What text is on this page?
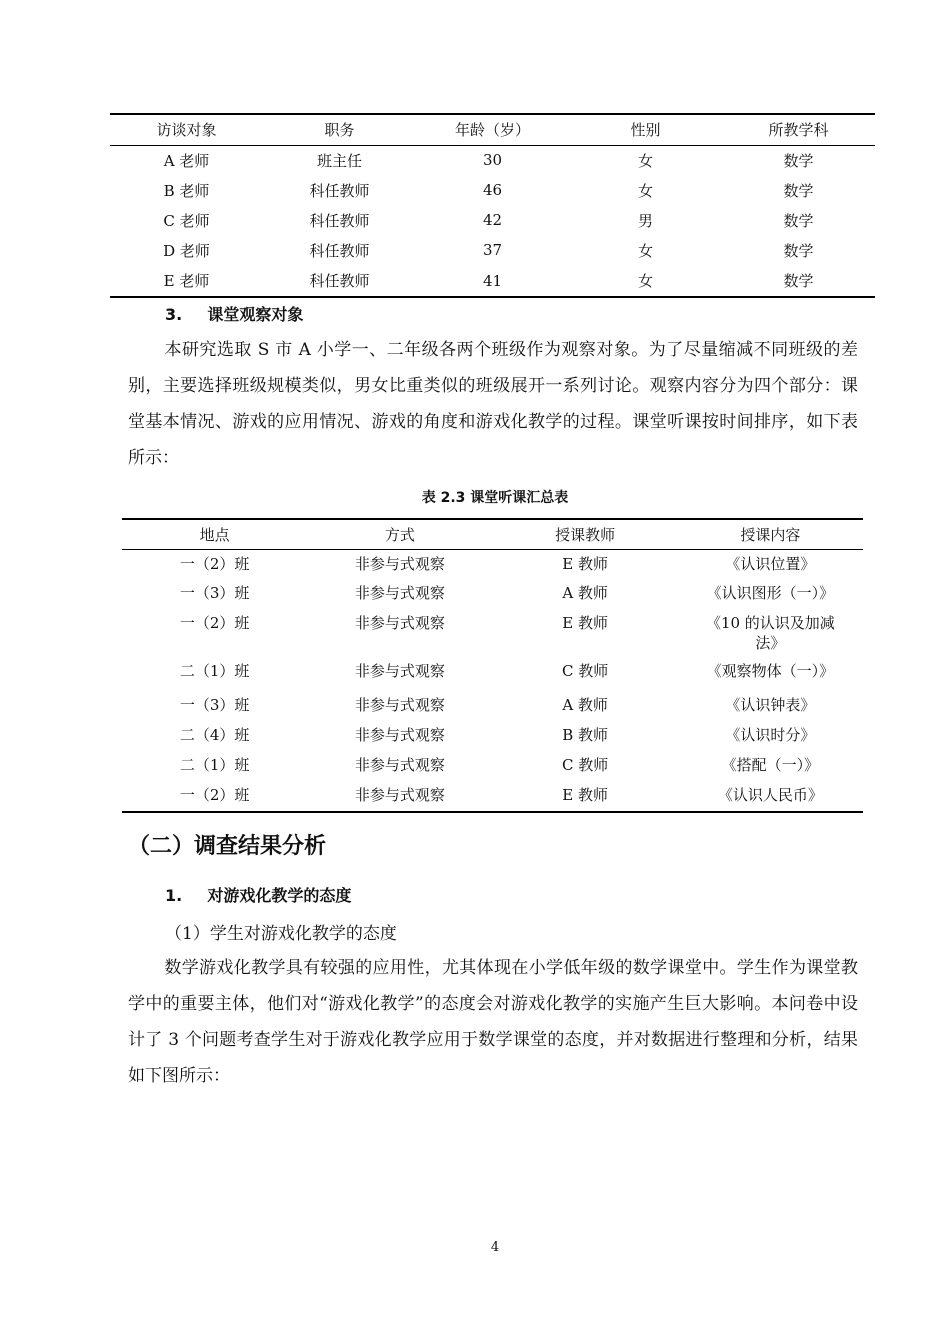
访谈对象	职务	年龄（岁）	性别	所教学科
A 老师	班主任	30	女	数学
B 老师	科任教师	46	女	数学
C 老师	科任教师	42	男	数学
D 老师	科任教师	37	女	数学
E 老师	科任教师	41	女	数学
3. 课堂观察对象
本研究选取 S 市 A 小学一、二年级各两个班级作为观察对象。为了尽量缩减不同班级的差别，主要选择班级规模类似，男女比重类似的班级展开一系列讨论。观察内容分为四个部分：课堂基本情况、游戏的应用情况、游戏的角度和游戏化教学的过程。课堂听课按时间排序，如下表所示：
表 2.3 课堂听课汇总表
地点	方式	授课教师	授课内容
一（2）班	非参与式观察	E 教师	《认识位置》
一（3）班	非参与式观察	A 教师	《认识图形（一）》
一（2）班	非参与式观察	E 教师	《10 的认识及加减法》

二（1）班	非参与式观察	C 教师	《观察物体（一）》
一（3）班	非参与式观察	A 教师	《认识钟表》
二（4）班	非参与式观察	B 教师	《认识时分》
二（1）班	非参与式观察	C 教师	《搭配（一）》
一（2）班	非参与式观察	E 教师	《认识人民币》
（二）调查结果分析
1. 对游戏化教学的态度
（1）学生对游戏化教学的态度
数学游戏化教学具有较强的应用性，尤其体现在小学低年级的数学课堂中。学生作为课堂教学中的重要主体，他们对“游戏化教学”的态度会对游戏化教学的实施产生巨大影响。本问卷中设计了 3 个问题考查学生对于游戏化教学应用于数学课堂的态度，并对数据进行整理和分析，结果如下图所示：
4
